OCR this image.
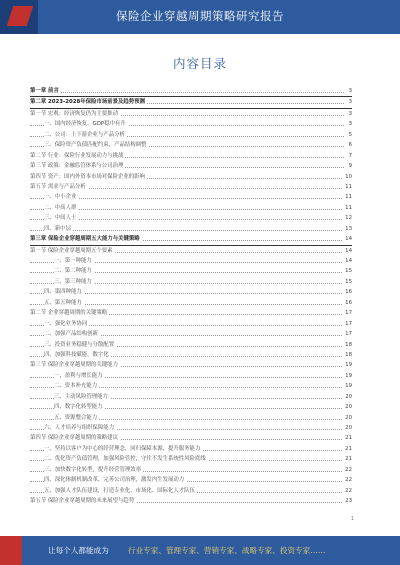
保险企业穿越周期策略研究报告
内容目录
第一章 前言	3
第二章 2023-2028年保险市场前景及趋势预测	3
第一节 宏观：经济恢复仍为主要推动	3
一、国内经济恢复，GDP稳中有升	3
二、公司：上下游企业与产品分析	5
三、保险资产负债匹配约束，产品结构调整	6
第二节 行业：保险行业发展动力与挑战	7
第三节 政策：金融监管体系与公司治理	9
第四节 资产：国内外资本市场对保险企业的影响	10
第五节 需求与产品分析	11
一、中小企业	11
二、中高人群	11
三、中间人士	12
四、新中层	13
第三章 保险企业穿越周期五大能力与关键策略	14
第一节 保险企业穿越周期五个要素	14
一、第一种能力	14
二、第二种能力	15
三、第三种能力	15
四、第四种能力	16
五、第五种能力	16
第二节 企业穿越周期的关键策略	17
一、强化业务协同	17
二、加强产品结构创新	17
三、投资业务稳健与分散配置	18
四、加强科技赋能，数字化	18
第三节 保险企业穿越周期的关键能力	19
一、盈利与增长能力	19
二、资本补充能力	19
三、主动风险管理能力	20
四、数字化转型能力	20
五、资源整合能力	20
六、人才培养与组织保障能力	20
第四节 保险企业穿越周期的策略建议	21
一、坚持以客户为中心的经营理念，回归保障本源，提升服务能力	21
二、优化资产负债管理，加强风险管控，守住不发生系统性风险底线	21
三、加快数字化转型，提升经营管理效率	22
四、深化体制机制改革，完善公司治理，激发内生发展动力	22
五、加强人才队伍建设，打造专业化、市场化、国际化人才队伍	22
第五节 保险企业穿越周期的未来展望与趋势	23
1
让每个人都能成为	行业专家、管理专家、营销专家、战略专家、投资专家……
